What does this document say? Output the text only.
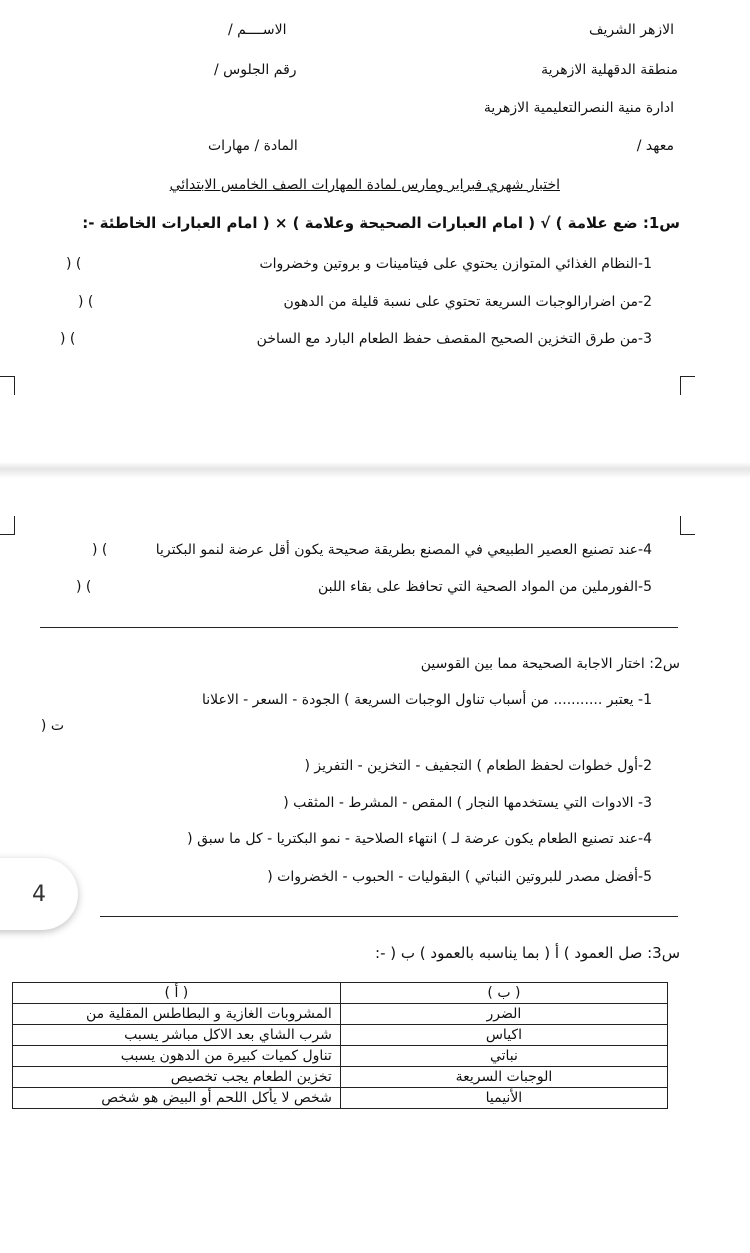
الازهر الشريف
الاســــم /
منطقة الدقهلية الازهرية
رقم الجلوس /
ادارة منية النصرالتعليمية الازهرية
معهد /
المادة / مهارات
اختبار شهري فبراير ومارس لمادة المهارات الصف الخامس الابتدائي
س1: ضع علامة ) √ ( امام العبارات الصحيحة وعلامة ) × ( امام العبارات الخاطئة -:
1-النظام الغذائي المتوازن يحتوي على فيتامينات و بروتين وخضروات
) (
2-من اضرارالوجبات السريعة تحتوي على نسبة قليلة من الدهون
) (
3-من طرق التخزين الصحيح المقصف حفظ الطعام البارد مع الساخن
) (
4-عند تصنيع العصير الطبيعي في المصنع بطريقة صحيحة يكون أقل عرضة لنمو البكتريا
) (
5-الفورملين من المواد الصحية التي تحافظ على بقاء اللبن
) (
س2: اختار الاجابة الصحيحة مما بين القوسين
1- يعتبر ........... من أسباب تناول الوجبات السريعة ) الجودة - السعر - الاعلانا
ت (
2-أول خطوات لحفظ الطعام ) التجفيف - التخزين - التفريز (
3- الادوات التي يستخدمها النجار ) المقص - المشرط - المثقب (
4-عند تصنيع الطعام يكون عرضة لـ ) انتهاء الصلاحية - نمو البكتريا - كل ما سبق (
5-أفضل مصدر للبروتين النباتي ) البقوليات - الحبوب - الخضروات (
4
س3: صل العمود ) أ ( بما يناسبه بالعمود ) ب ( -:
( ب )	( أ )
الضرر	المشروبات الغازية و البطاطس المقلية من
اكياس	شرب الشاي بعد الاكل مباشر يسبب
نباتي	تناول كميات كبيرة من الدهون يسبب
الوجبات السريعة	تخزين الطعام يجب تخصيص
الأنيميا	شخص لا يأكل اللحم أو البيض هو شخص
